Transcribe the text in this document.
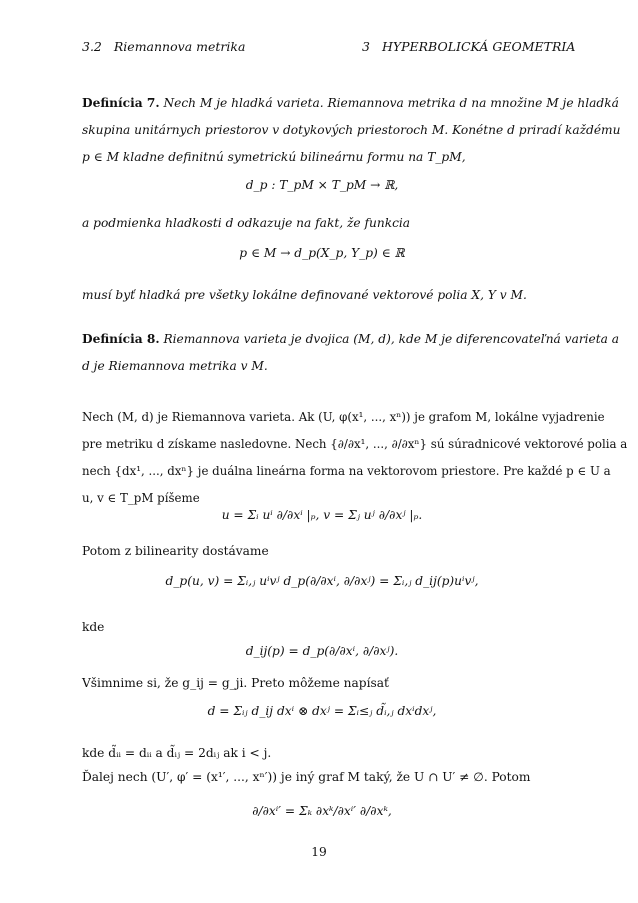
3.2 Riemannova metrika	3 HYPERBOLICKÁ GEOMETRIA
Definícia 7. Nech M je hladká varieta. Riemannova metrika d na množine M je hladká
skupina unitárnych priestorov v dotykových priestoroch M. Konétne d priradí každému
p ∈ M kladne definitnú symetrickú bilineárnu formu na T_pM,
d_p : T_pM × T_pM → ℝ,
a podmienka hladkosti d odkazuje na fakt, že funkcia
p ∈ M → d_p(X_p, Y_p) ∈ ℝ
musí byť hladká pre všetky lokálne definované vektorové polia X, Y v M.
Definícia 8. Riemannova varieta je dvojica (M, d), kde M je diferencovateľná varieta a
d je Riemannova metrika v M.
Nech (M, d) je Riemannova varieta. Ak (U, φ(x¹, ..., xⁿ)) je grafom M, lokálne vyjadrenie
pre metriku d získame nasledovne. Nech {∂/∂x¹, ..., ∂/∂xⁿ} sú súradnicové vektorové polia a
nech {dx¹, ..., dxⁿ} je duálna lineárna forma na vektorovom priestore. Pre každé p ∈ U a
u, v ∈ T_pM píšeme
u = Σᵢ uⁱ ∂/∂xⁱ |ₚ, v = Σⱼ uʲ ∂/∂xʲ |ₚ.
Potom z bilinearity dostávame
d_p(u, v) = Σᵢ,ⱼ uⁱvʲ d_p(∂/∂xⁱ, ∂/∂xʲ) = Σᵢ,ⱼ d_ij(p)uⁱvʲ,
kde
d_ij(p) = d_p(∂/∂xⁱ, ∂/∂xʲ).
Všimnime si, že g_ij = g_ji. Preto môžeme napísať
d = Σᵢⱼ d_ij dxⁱ ⊗ dxʲ = Σᵢ≤ⱼ d̃ᵢ,ⱼ dxⁱdxʲ,
kde d̃ᵢᵢ = dᵢᵢ a d̃ᵢⱼ = 2dᵢⱼ ak i < j.
Ďalej nech (U′, φ′ = (x¹′, ..., xⁿ′)) je iný graf M taký, že U ∩ U′ ≠ ∅. Potom
∂/∂xⁱ′ = Σₖ ∂xᵏ/∂xⁱ′ ∂/∂xᵏ,
19
